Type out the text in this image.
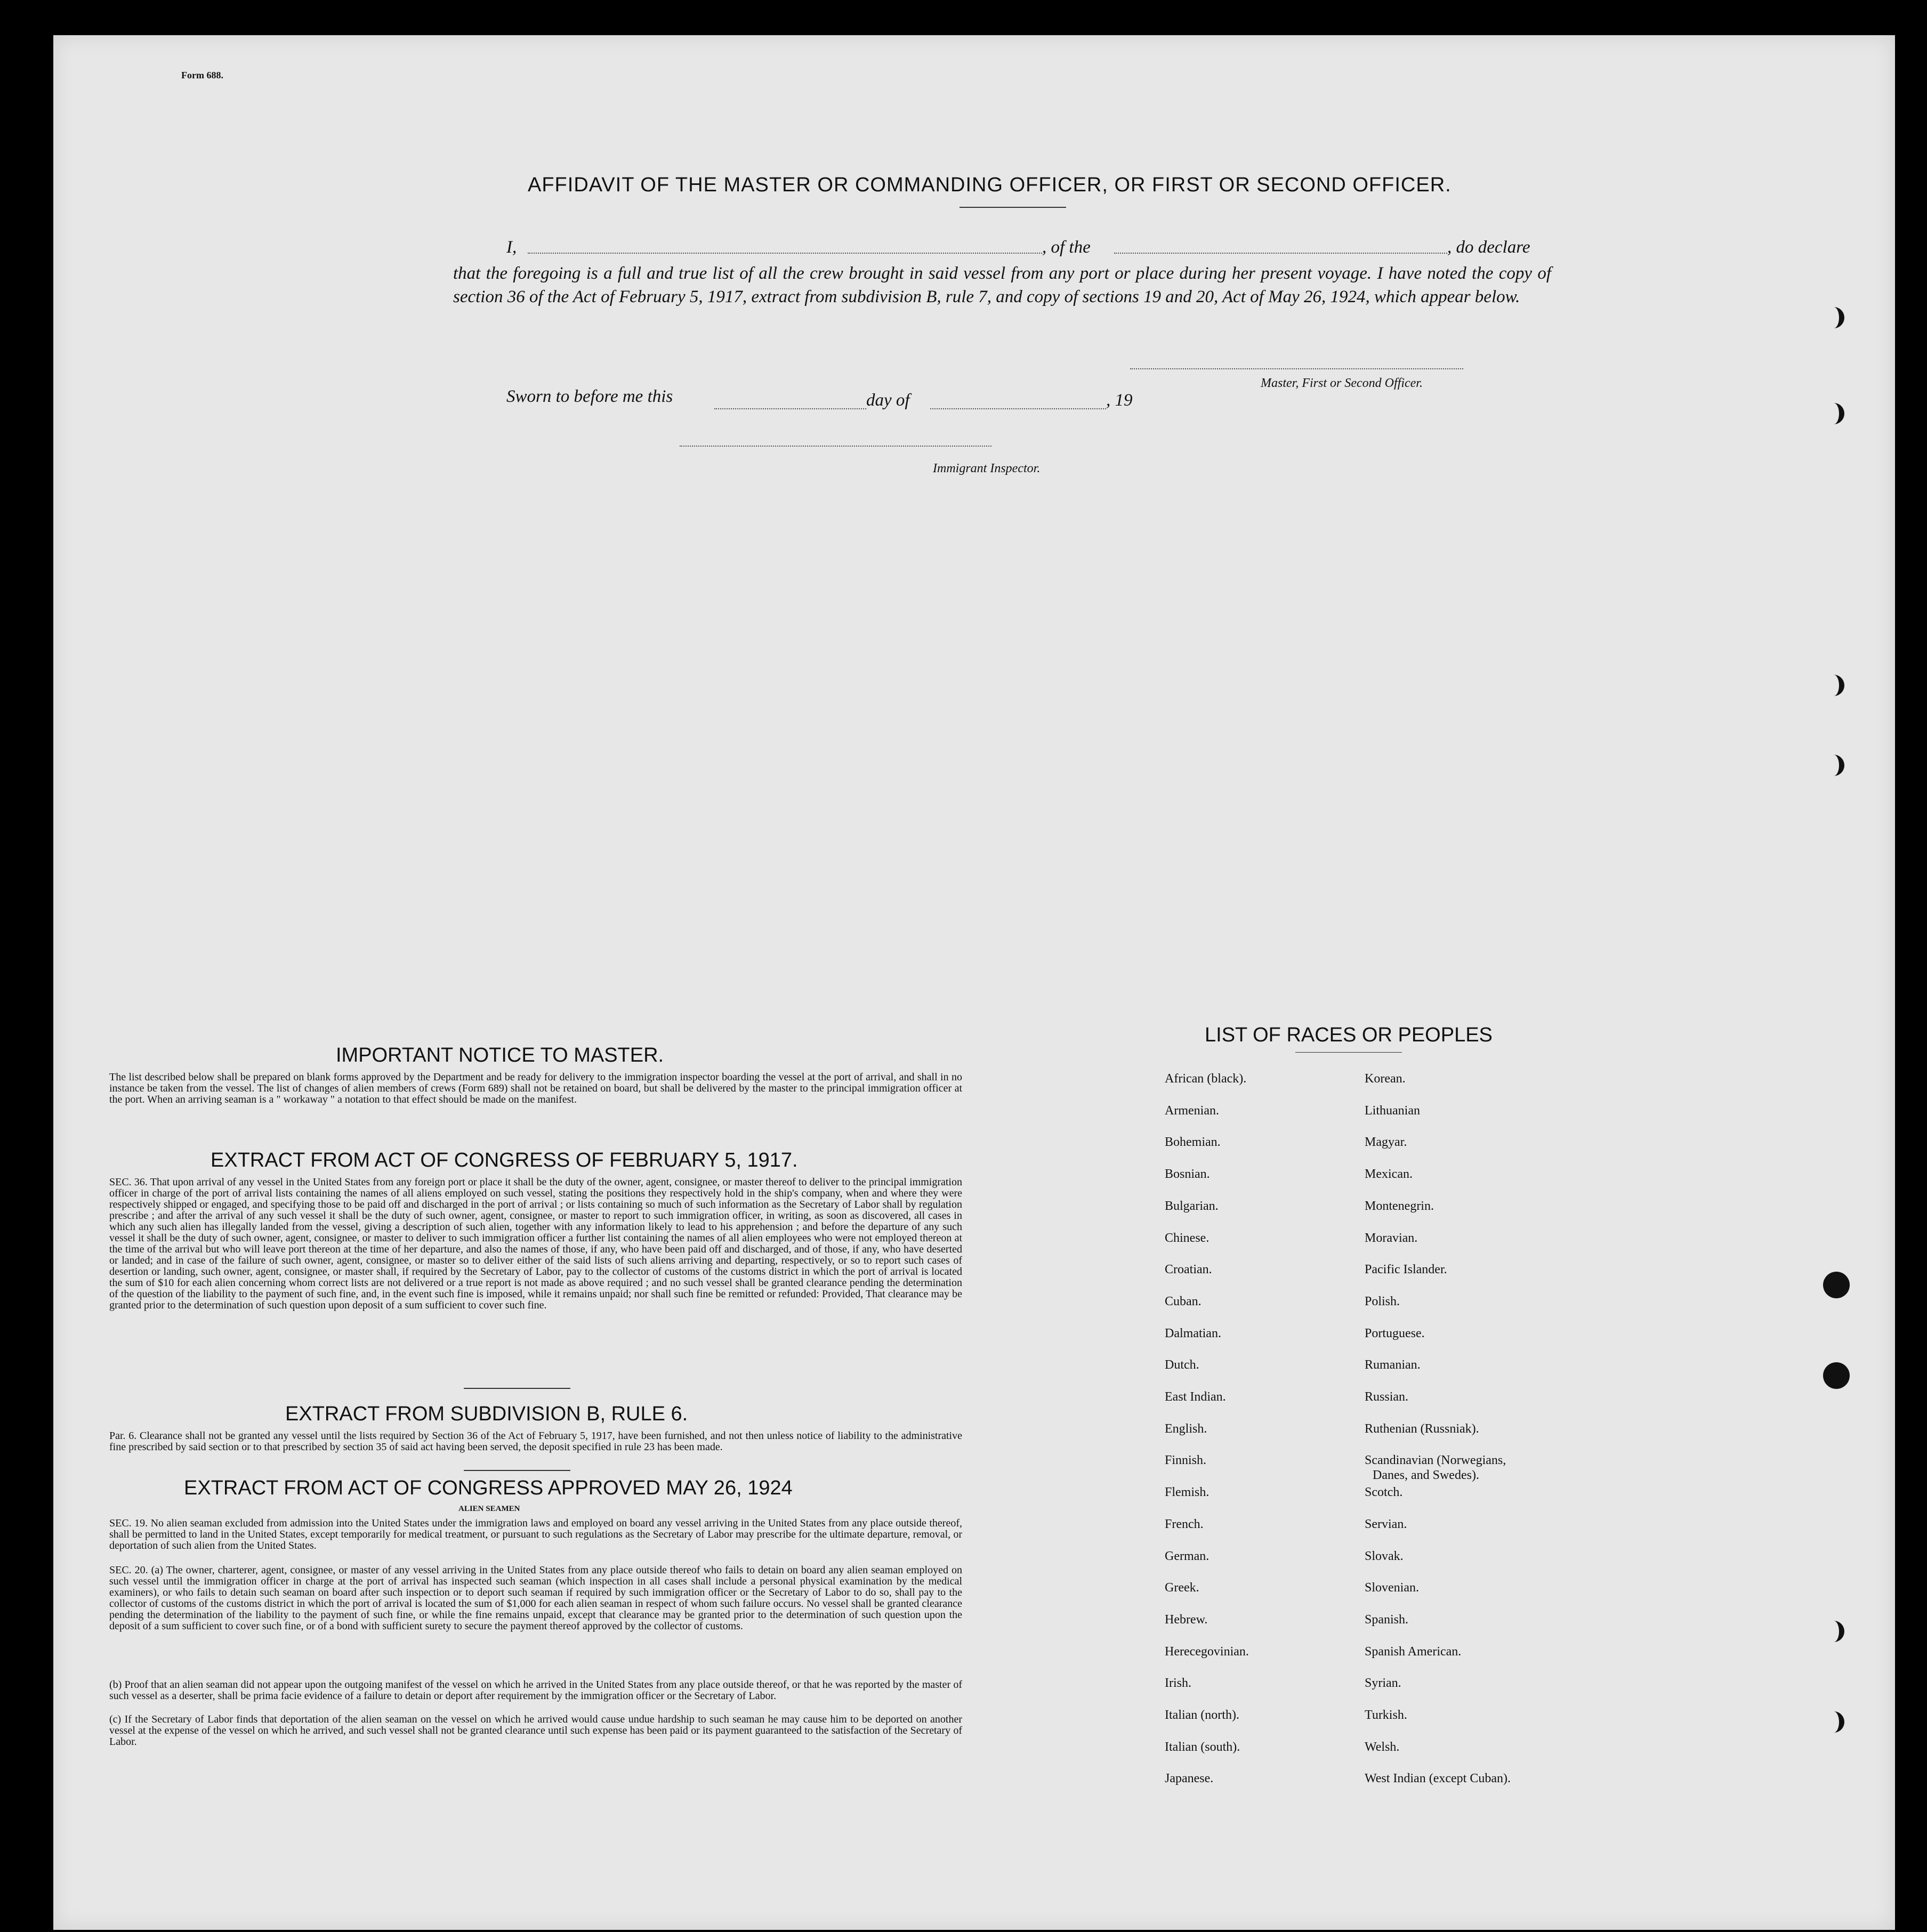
Form 688.
AFFIDAVIT OF THE MASTER OR COMMANDING OFFICER, OR FIRST OR SECOND OFFICER.
I,	, of the	, do declare
that the foregoing is a full and true list of all the crew brought in said vessel from any port or place during her present voyage. I have noted the copy of section 36 of the Act of February 5, 1917, extract from subdivision B, rule 7, and copy of sections 19 and 20, Act of May 26, 1924, which appear below.
Master, First or Second Officer.
Sworn to before me this	day of	, 19
Immigrant Inspector.
IMPORTANT NOTICE TO MASTER.
The list described below shall be prepared on blank forms approved by the Department and be ready for delivery to the immigration inspector boarding the vessel at the port of arrival, and shall in no instance be taken from the vessel. The list of changes of alien members of crews (Form 689) shall not be retained on board, but shall be delivered by the master to the principal immigration officer at the port. When an arriving seaman is a " workaway " a notation to that effect should be made on the manifest.
EXTRACT FROM ACT OF CONGRESS OF FEBRUARY 5, 1917.
SEC. 36. That upon arrival of any vessel in the United States from any foreign port or place it shall be the duty of the owner, agent, consignee, or master thereof to deliver to the principal immigration officer in charge of the port of arrival lists containing the names of all aliens employed on such vessel, stating the positions they respectively hold in the ship's company, when and where they were respectively shipped or engaged, and specifying those to be paid off and discharged in the port of arrival ; or lists containing so much of such information as the Secretary of Labor shall by regulation prescribe ; and after the arrival of any such vessel it shall be the duty of such owner, agent, consignee, or master to report to such immigration officer, in writing, as soon as discovered, all cases in which any such alien has illegally landed from the vessel, giving a description of such alien, together with any information likely to lead to his apprehension ; and before the departure of any such vessel it shall be the duty of such owner, agent, consignee, or master to deliver to such immigration officer a further list containing the names of all alien employees who were not employed thereon at the time of the arrival but who will leave port thereon at the time of her departure, and also the names of those, if any, who have been paid off and discharged, and of those, if any, who have deserted or landed; and in case of the failure of such owner, agent, consignee, or master so to deliver either of the said lists of such aliens arriving and departing, respectively, or so to report such cases of desertion or landing, such owner, agent, consignee, or master shall, if required by the Secretary of Labor, pay to the collector of customs of the customs district in which the port of arrival is located the sum of $10 for each alien concerning whom correct lists are not delivered or a true report is not made as above required ; and no such vessel shall be granted clearance pending the determination of the question of the liability to the payment of such fine, and, in the event such fine is imposed, while it remains unpaid; nor shall such fine be remitted or refunded: Provided, That clearance may be granted prior to the determination of such question upon deposit of a sum sufficient to cover such fine.
EXTRACT FROM SUBDIVISION B, RULE 6.
Par. 6. Clearance shall not be granted any vessel until the lists required by Section 36 of the Act of February 5, 1917, have been furnished, and not then unless notice of liability to the administrative fine prescribed by said section or to that prescribed by section 35 of said act having been served, the deposit specified in rule 23 has been made.
EXTRACT FROM ACT OF CONGRESS APPROVED MAY 26, 1924
ALIEN SEAMEN
SEC. 19. No alien seaman excluded from admission into the United States under the immigration laws and employed on board any vessel arriving in the United States from any place outside thereof, shall be permitted to land in the United States, except temporarily for medical treatment, or pursuant to such regulations as the Secretary of Labor may prescribe for the ultimate departure, removal, or deportation of such alien from the United States.
SEC. 20. (a) The owner, charterer, agent, consignee, or master of any vessel arriving in the United States from any place outside thereof who fails to detain on board any alien seaman employed on such vessel until the immigration officer in charge at the port of arrival has inspected such seaman (which inspection in all cases shall include a personal physical examination by the medical examiners), or who fails to detain such seaman on board after such inspection or to deport such seaman if required by such immigration officer or the Secretary of Labor to do so, shall pay to the collector of customs of the customs district in which the port of arrival is located the sum of $1,000 for each alien seaman in respect of whom such failure occurs. No vessel shall be granted clearance pending the determination of the liability to the payment of such fine, or while the fine remains unpaid, except that clearance may be granted prior to the determination of such question upon the deposit of a sum sufficient to cover such fine, or of a bond with sufficient surety to secure the payment thereof approved by the collector of customs.
(b) Proof that an alien seaman did not appear upon the outgoing manifest of the vessel on which he arrived in the United States from any place outside thereof, or that he was reported by the master of such vessel as a deserter, shall be prima facie evidence of a failure to detain or deport after requirement by the immigration officer or the Secretary of Labor.
(c) If the Secretary of Labor finds that deportation of the alien seaman on the vessel on which he arrived would cause undue hardship to such seaman he may cause him to be deported on another vessel at the expense of the vessel on which he arrived, and such vessel shall not be granted clearance until such expense has been paid or its payment guaranteed to the satisfaction of the Secretary of Labor.
LIST OF RACES OR PEOPLES
African (black).
Armenian.
Bohemian.
Bosnian.
Bulgarian.
Chinese.
Croatian.
Cuban.
Dalmatian.
Dutch.
East Indian.
English.
Finnish.
Flemish.
French.
German.
Greek.
Hebrew.
Herecegovinian.
Irish.
Italian (north).
Italian (south).
Japanese.
Korean.
Lithuanian
Magyar.
Mexican.
Montenegrin.
Moravian.
Pacific Islander.
Polish.
Portuguese.
Rumanian.
Russian.
Ruthenian (Russniak).
Scandinavian (Norwegians,
Danes, and Swedes).
Scotch.
Servian.
Slovak.
Slovenian.
Spanish.
Spanish American.
Syrian.
Turkish.
Welsh.
West Indian (except Cuban).
